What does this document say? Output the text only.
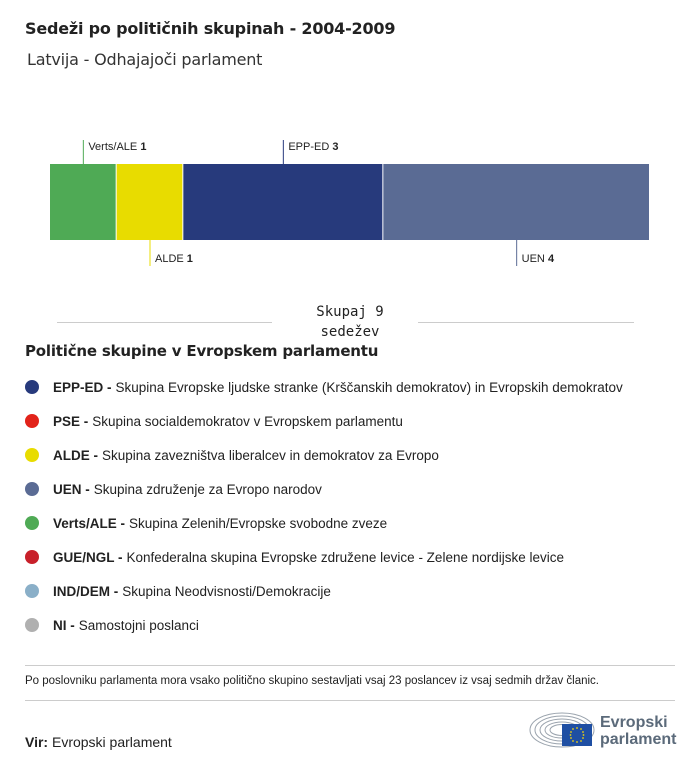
Sedeži po političnih skupinah - 2004-2009
Latvija - Odhajajoči parlament
Verts/ALE 1
ALDE 1
EPP-ED 3
UEN 4
Skupaj 9
sedežev
Politične skupine v Evropskem parlamentu
EPP-ED - Skupina Evropske ljudske stranke (Krščanskih demokratov) in Evropskih demokratov
PSE - Skupina socialdemokratov v Evropskem parlamentu
ALDE - Skupina zavezništva liberalcev in demokratov za Evropo
UEN - Skupina združenje za Evropo narodov
Verts/ALE - Skupina Zelenih/Evropske svobodne zveze
GUE/NGL - Konfederalna skupina Evropske združene levice - Zelene nordijske levice
IND/DEM - Skupina Neodvisnosti/Demokracije
NI - Samostojni poslanci
Po poslovniku parlamenta mora vsako politično skupino sestavljati vsaj 23 poslancev iz vsaj sedmih držav članic.
Vir: Evropski parlament
Evropski
parlament
